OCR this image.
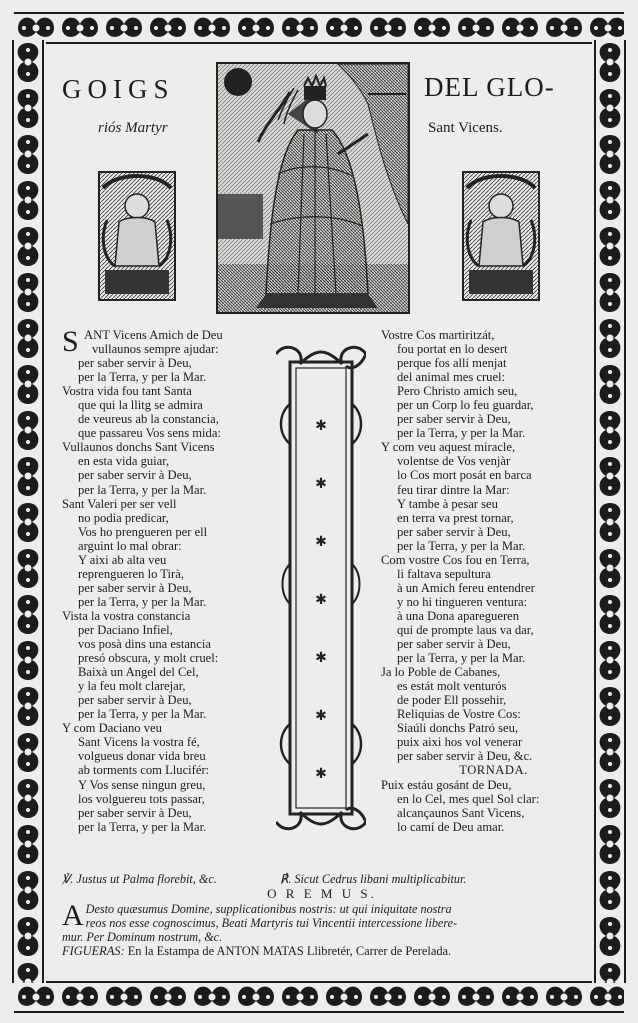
GOIGS	DEL GLO-
riós Martyr	Sant Vicens.
S ANT Vicens Amich de Deu
vullaunos sempre ajudar:
per saber servir à Deu,
per la Terra, y per la Mar.
Vostra vida fou tant Santa
que qui la llitg se admira
de veureus ab la constancia,
que passareu Vos sens mida:
Vullaunos donchs Sant Vicens
en esta vida guiar,
per saber servir à Deu,
per la Terra, y per la Mar.
Sant Valeri per ser vell
no podia predicar,
Vos ho prengueren per ell
arguint lo mal obrar:
Y aixi ab alta veu
reprengueren lo Tirà,
per saber servir à Deu,
per la Terra, y per la Mar.
Vista la vostra constancia
per Daciano Infiel,
vos posà dins una estancia
presó obscura, y molt cruel:
Baixà un Angel del Cel,
y la feu molt clarejar,
per saber servir à Deu,
per la Terra, y per la Mar.
Y com Daciano veu
Sant Vicens la vostra fé,
volgueus donar vida breu
ab torments com Llucifér:
Y Vos sense ningun greu,
los volguereu tots passar,
per saber servir à Deu,
per la Terra, y per la Mar.
✱
✱
✱
✱
✱
✱
✱
Vostre Cos martiritzát,
fou portat en lo desert
perque fos allí menjat
del animal mes cruel:
Pero Christo amich seu,
per un Corp lo feu guardar,
per saber servir à Deu,
per la Terra, y per la Mar.
Y com veu aquest miracle,
volentse de Vos venjàr
lo Cos mort posát en barca
feu tirar dintre la Mar:
Y tambe à pesar seu
en terra va prest tornar,
per saber servir à Deu,
per la Terra, y per la Mar.
Com vostre Cos fou en Terra,
li faltava sepultura
à un Amich fereu entendrer
y no hi tingueren ventura:
à una Dona aparegueren
qui de prompte laus va dar,
per saber servir à Deu,
per la Terra, y per la Mar.
Ja lo Poble de Cabanes,
es estát molt venturós
de poder Ell possehir,
Reliquias de Vostre Cos:
Siaúli donchs Patró seu,
puix aixi hos vol venerar
per saber servir à Deu, &c.
TORNADA.
Puix estáu gosánt de Deu,
en lo Cel, mes quel Sol clar:
alcançaunos Sant Vicens,
lo camí de Deu amar.
℣. Justus ut Palma florebit, &c.	℟. Sicut Cedrus libani multiplicabitur.
O R E M U S.
A Desto quæsumus Domine, supplicationibus nostris: ut qui iniquitate nostra
reos nos esse cognoscimus, Beati Martyris tui Vincentii intercessione libere-
mur. Per Dominum nostrum, &c.
FIGUERAS: En la Estampa de ANTON MATAS Llibretér, Carrer de Perelada.
